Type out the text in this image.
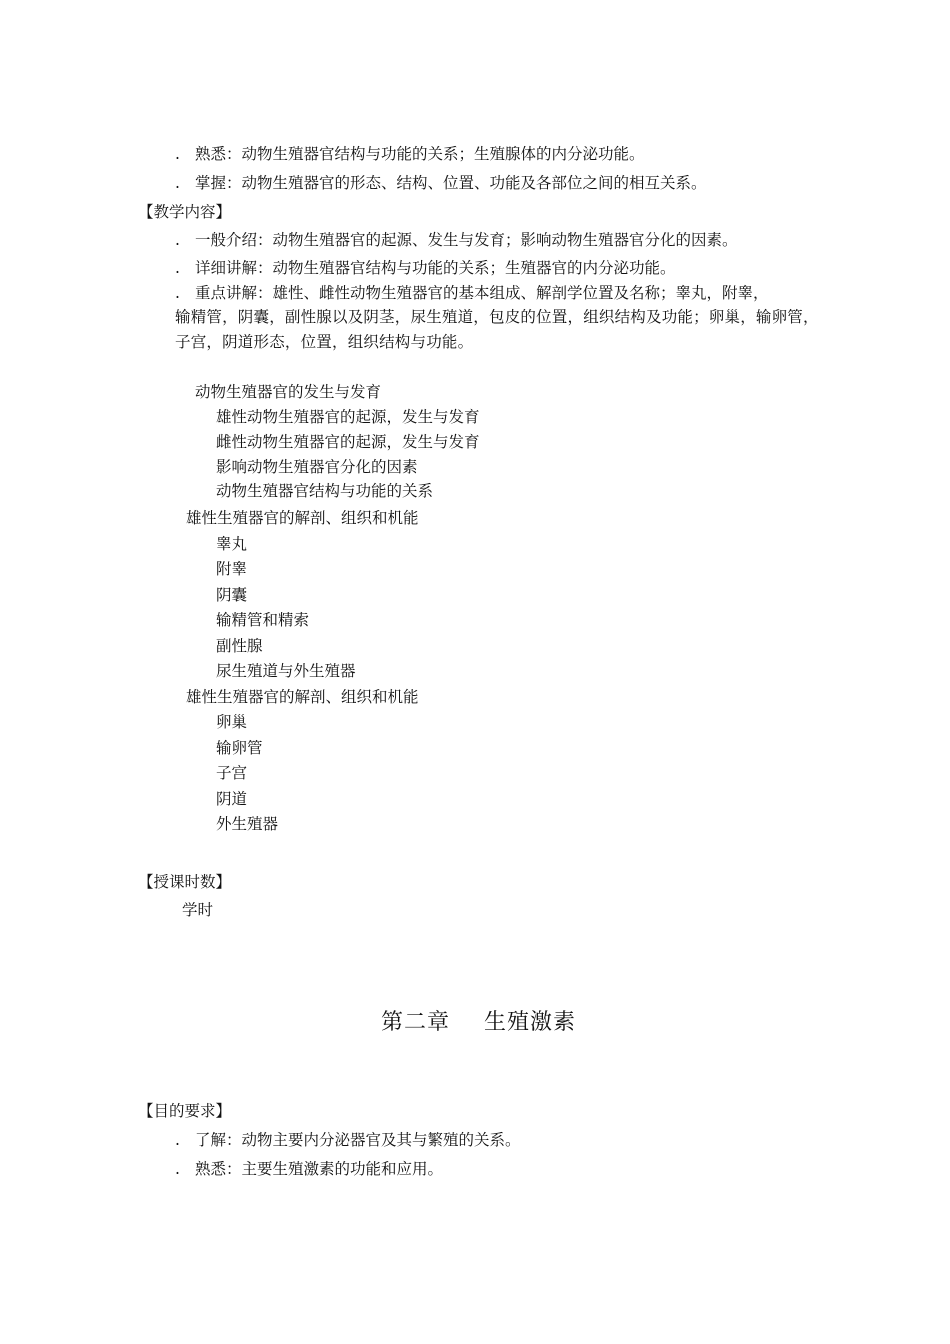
. 熟悉：动物生殖器官结构与功能的关系；生殖腺体的内分泌功能。
. 掌握：动物生殖器官的形态、结构、位置、功能及各部位之间的相互关系。
【教学内容】
. 一般介绍：动物生殖器官的起源、发生与发育；影响动物生殖器官分化的因素。
. 详细讲解：动物生殖器官结构与功能的关系；生殖器官的内分泌功能。
. 重点讲解：雄性、雌性动物生殖器官的基本组成、解剖学位置及名称；睾丸，附睾，
输精管，阴囊，副性腺以及阴茎，尿生殖道，包皮的位置，组织结构及功能；卵巢，输卵管，子宫，阴道形态，位置，组织结构与功能。
动物生殖器官的发生与发育
雄性动物生殖器官的起源，发生与发育
雌性动物生殖器官的起源，发生与发育
影响动物生殖器官分化的因素
动物生殖器官结构与功能的关系
雄性生殖器官的解剖、组织和机能
睾丸
附睾
阴囊
输精管和精索
副性腺
尿生殖道与外生殖器
雄性生殖器官的解剖、组织和机能
卵巢
输卵管
子宫
阴道
外生殖器
【授课时数】
学时
第二章 生殖激素
【目的要求】
. 了解：动物主要内分泌器官及其与繁殖的关系。
. 熟悉：主要生殖激素的功能和应用。
